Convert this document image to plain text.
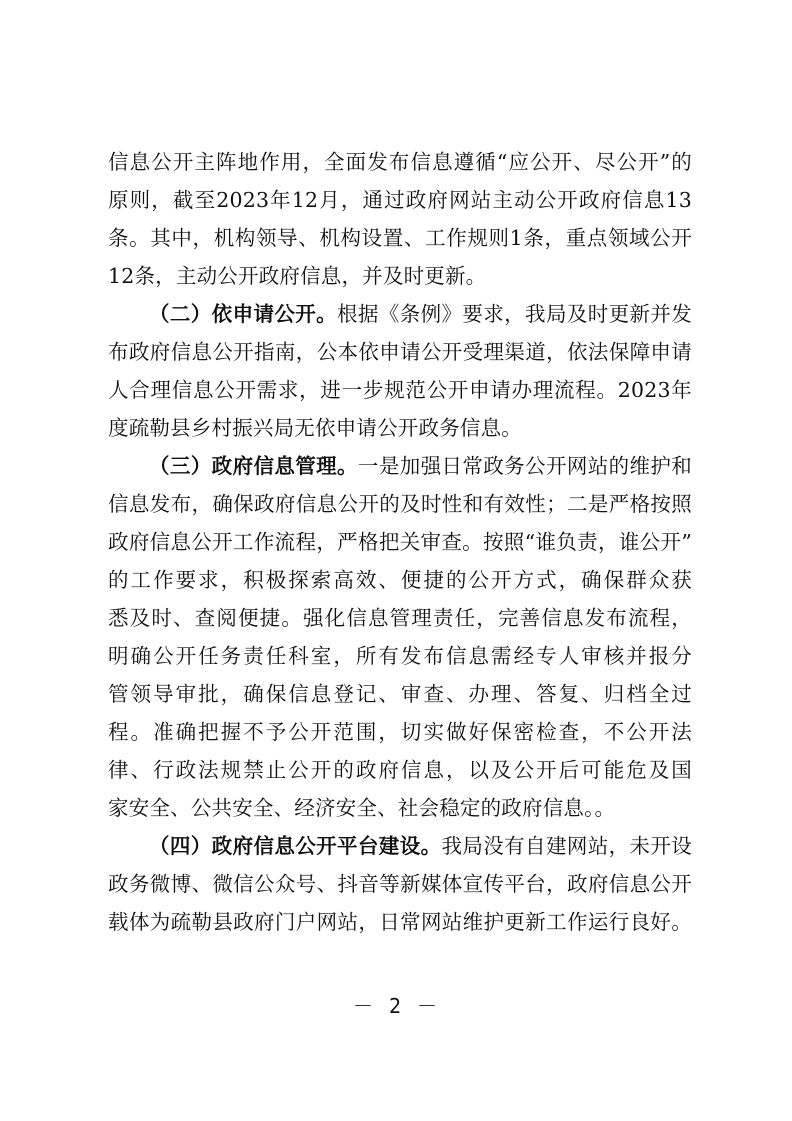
信息公开主阵地作用，全面发布信息遵循“应公开、尽公开”的
原则，截至2023年12月，通过政府网站主动公开政府信息13
条。其中，机构领导、机构设置、工作规则1条，重点领域公开
12条，主动公开政府信息，并及时更新。
（二）依申请公开。根据《条例》要求，我局及时更新并发
布政府信息公开指南，公本依申请公开受理渠道，依法保障申请
人合理信息公开需求，进一步规范公开申请办理流程。2023年
度疏勒县乡村振兴局无依申请公开政务信息。
（三）政府信息管理。一是加强日常政务公开网站的维护和
信息发布，确保政府信息公开的及时性和有效性；二是严格按照
政府信息公开工作流程，严格把关审查。按照“谁负责，谁公开”
的工作要求，积极探索高效、便捷的公开方式，确保群众获
悉及时、查阅便捷。强化信息管理责任，完善信息发布流程，
明确公开任务责任科室，所有发布信息需经专人审核并报分
管领导审批，确保信息登记、审查、办理、答复、归档全过
程。准确把握不予公开范围，切实做好保密检查，不公开法
律、行政法规禁止公开的政府信息，以及公开后可能危及国
家安全、公共安全、经济安全、社会稳定的政府信息。。
（四）政府信息公开平台建设。我局没有自建网站，未开设
政务微博、微信公众号、抖音等新媒体宣传平台，政府信息公开
载体为疏勒县政府门户网站，日常网站维护更新工作运行良好。
－ 2 －
